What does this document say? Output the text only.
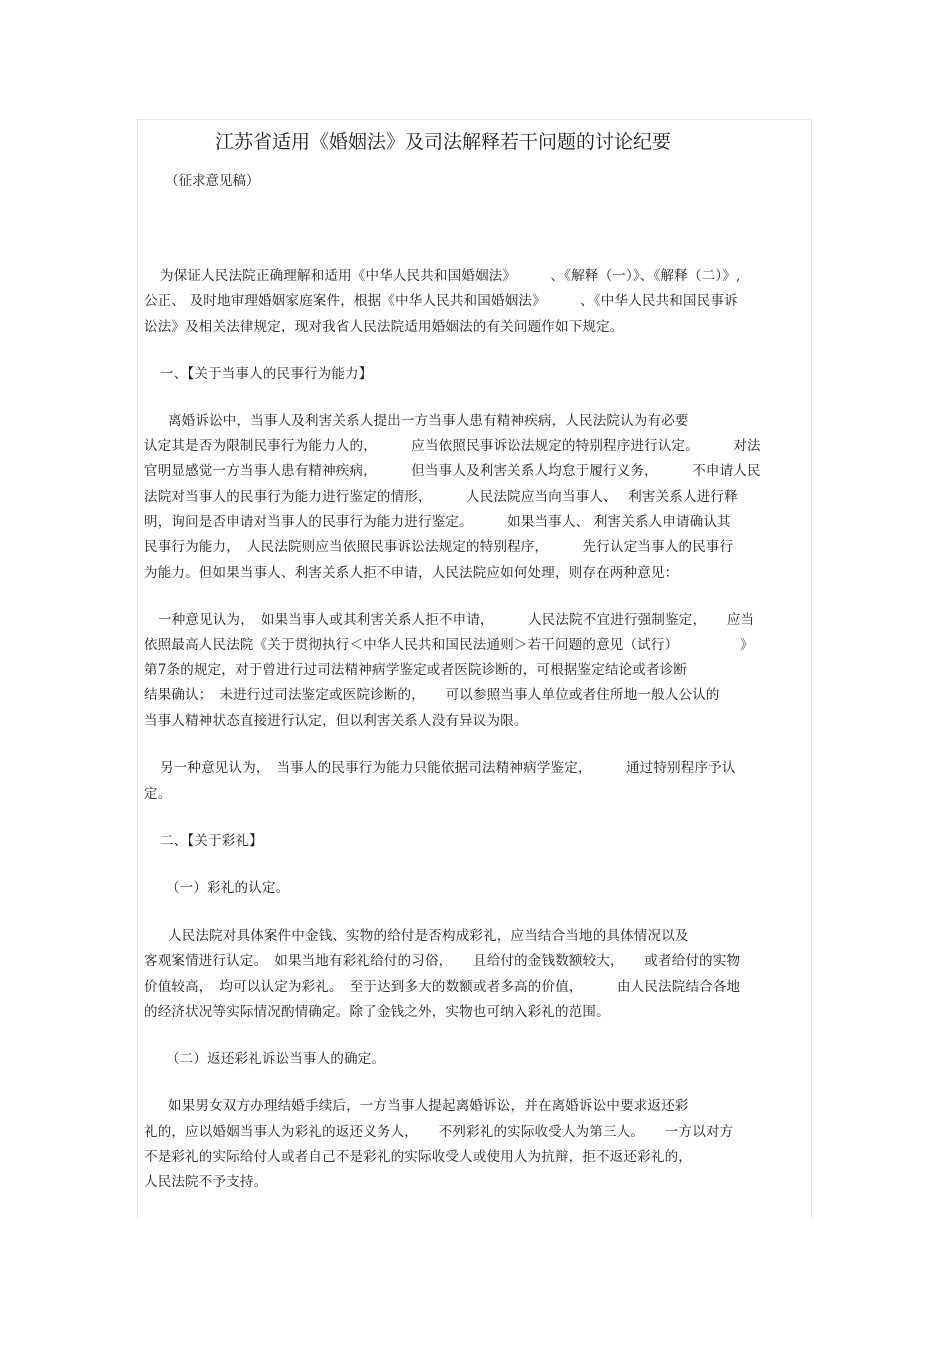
江苏省适用《婚姻法》及司法解释若干问题的讨论纪要
（征求意见稿）
为保证人民法院正确理解和适用《中华人民共和国婚姻法》　　　、《解释（一）》、《解释（二）》,
公正、 及时地审理婚姻家庭案件，根据《中华人民共和国婚姻法》　　　、《中华人民共和国民事诉
讼法》及相关法律规定，现对我省人民法院适用婚姻法的有关问题作如下规定。
一、【关于当事人的民事行为能力】
离婚诉讼中，当事人及利害关系人提出一方当事人患有精神疾病，人民法院认为有必要
认定其是否为限制民事行为能力人的，　　　应当依照民事诉讼法规定的特别程序进行认定。　　　对法
官明显感觉一方当事人患有精神疾病，　　　但当事人及利害关系人均怠于履行义务，　　　不申请人民
法院对当事人的民事行为能力进行鉴定的情形，　　　人民法院应当向当事人、　 利害关系人进行释
明，询问是否申请对当事人的民事行为能力进行鉴定。　　　如果当事人、 利害关系人申请确认其
民事行为能力，　人民法院则应当依照民事诉讼法规定的特别程序，　　　先行认定当事人的民事行
为能力。但如果当事人、利害关系人拒不申请，人民法院应如何处理，则存在两种意见：
一种意见认为，　如果当事人或其利害关系人拒不申请，　　　人民法院不宜进行强制鉴定，　　应当
依照最高人民法院《关于贯彻执行＜中华人民共和国民法通则＞若干问题的意见（试行）　　　　　》
第7条的规定，对于曾进行过司法精神病学鉴定或者医院诊断的，可根据鉴定结论或者诊断
结果确认；　未进行过司法鉴定或医院诊断的，　　可以参照当事人单位或者住所地一般人公认的
当事人精神状态直接进行认定，但以利害关系人没有异议为限。
另一种意见认为，　当事人的民事行为能力只能依据司法精神病学鉴定，　　　通过特别程序予认
定。
二、【关于彩礼】
（一）彩礼的认定。
人民法院对具体案件中金钱、实物的给付是否构成彩礼，应当结合当地的具体情况以及
客观案情进行认定。　如果当地有彩礼给付的习俗，　　且给付的金钱数额较大，　　或者给付的实物
价值较高，　均可以认定为彩礼。　至于达到多大的数额或者多高的价值，　　　由人民法院结合各地
的经济状况等实际情况酌情确定。除了金钱之外，实物也可纳入彩礼的范围。
（二）返还彩礼诉讼当事人的确定。
如果男女双方办理结婚手续后，一方当事人提起离婚诉讼，并在离婚诉讼中要求返还彩
礼的，应以婚姻当事人为彩礼的返还义务人，　　不列彩礼的实际收受人为第三人。　　一方以对方
不是彩礼的实际给付人或者自己不是彩礼的实际收受人或使用人为抗辩，拒不返还彩礼的，
人民法院不予支持。
